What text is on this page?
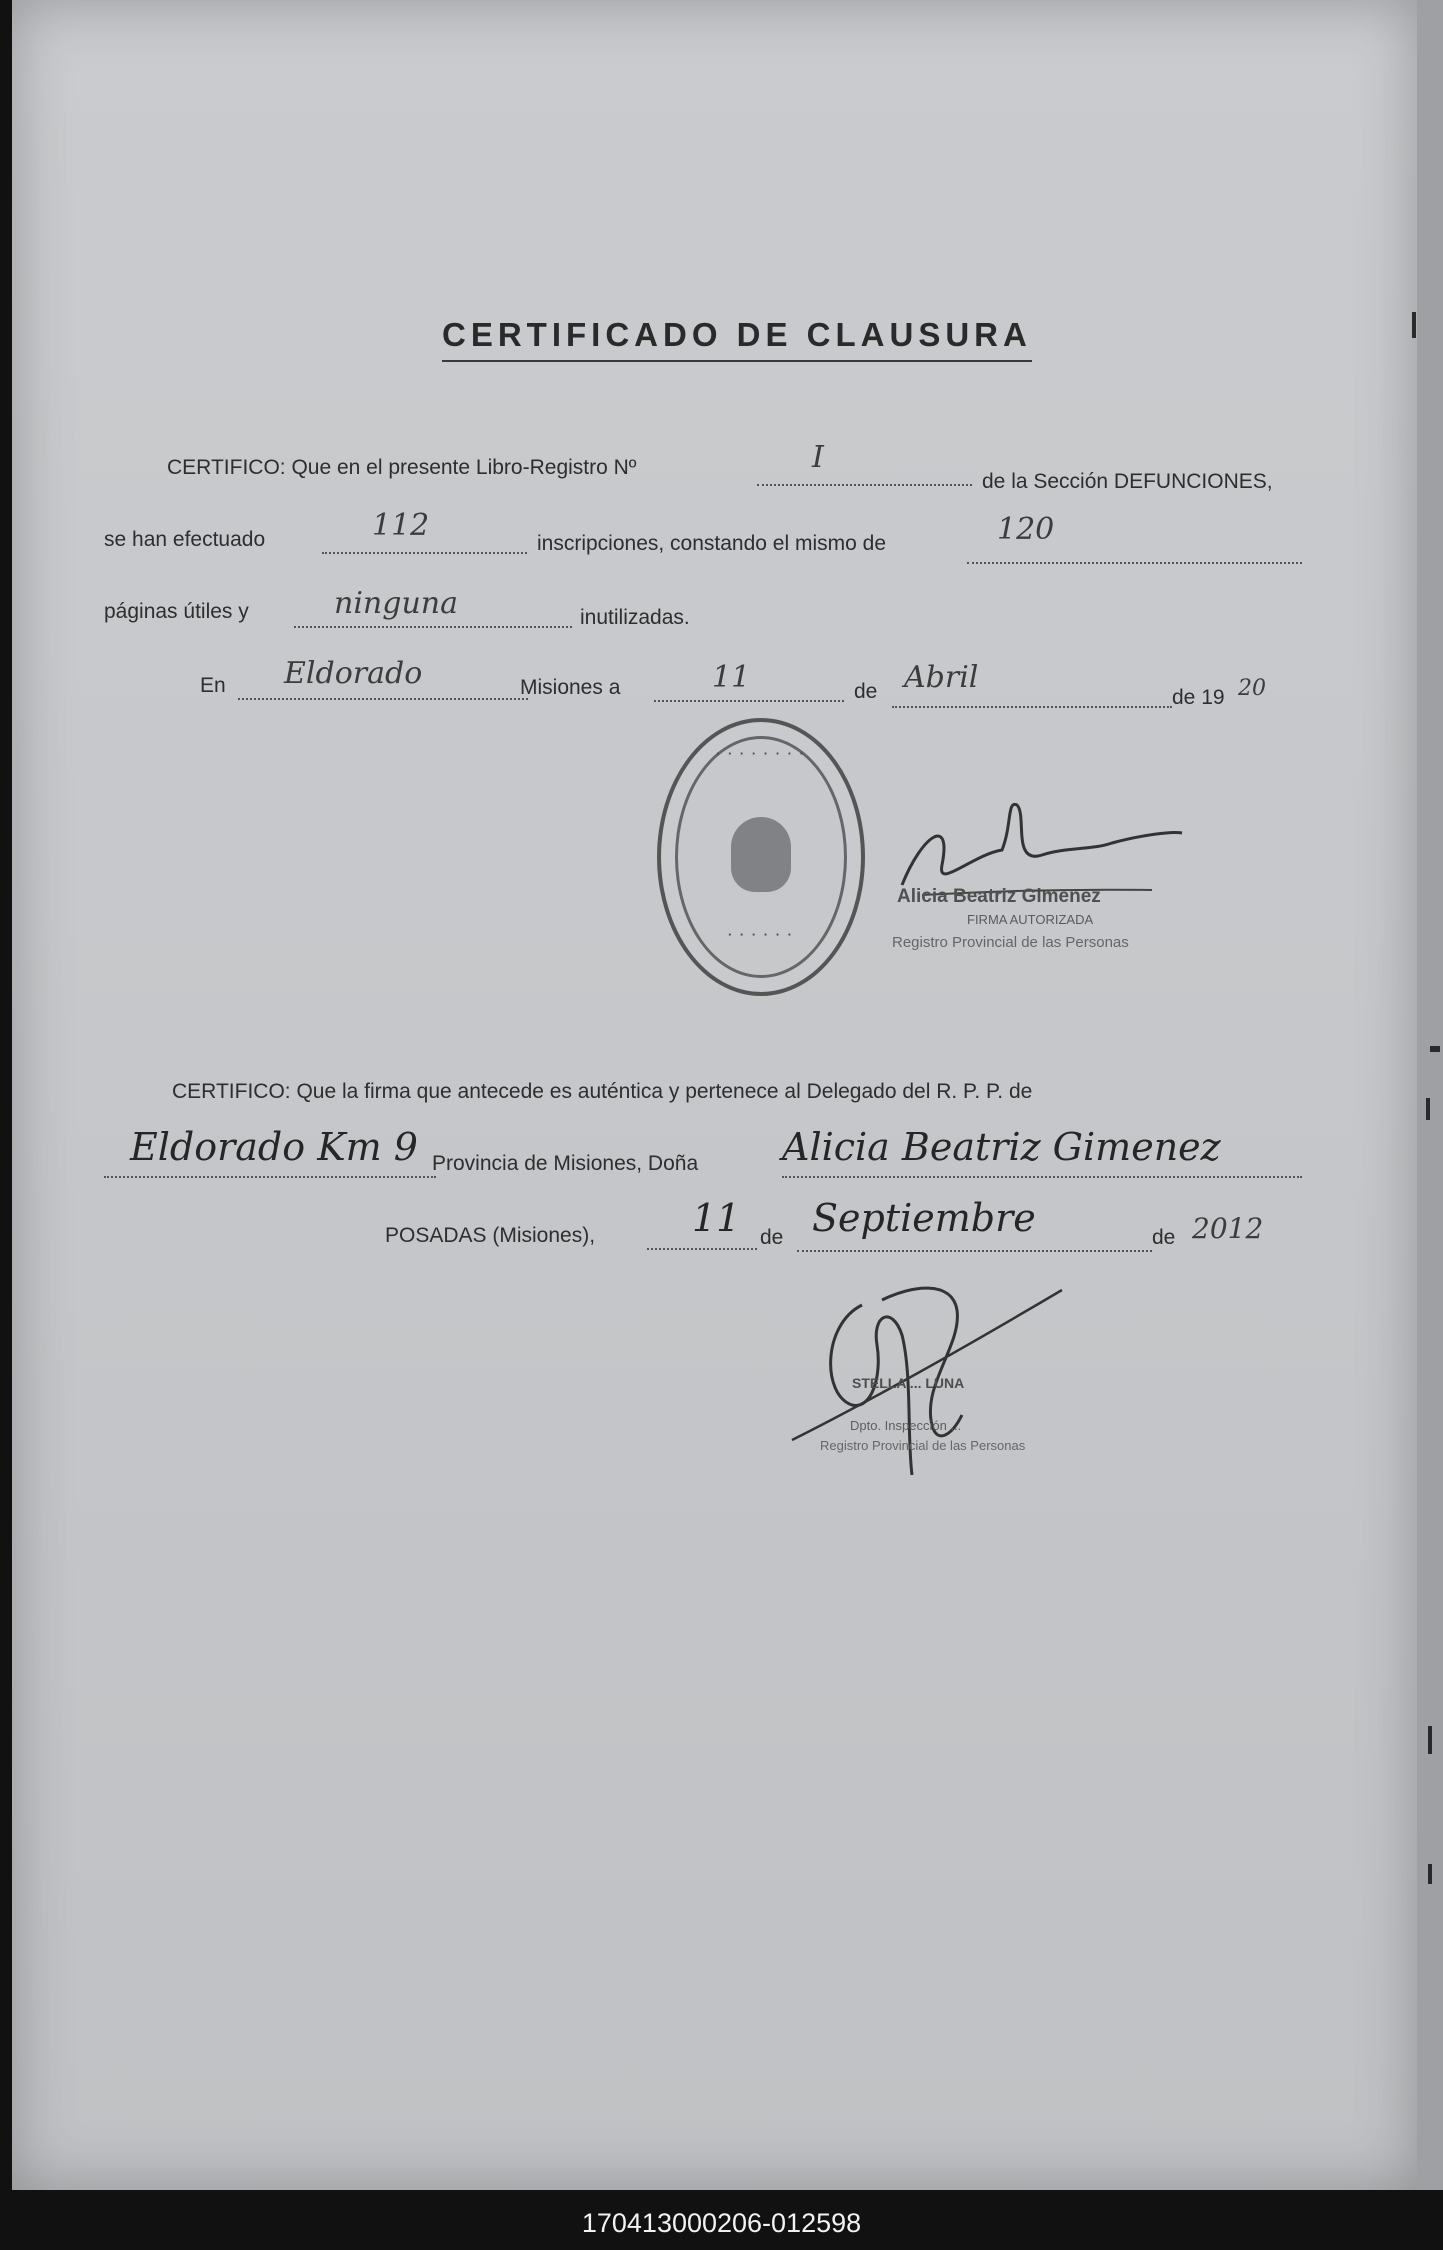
CERTIFICADO DE CLAUSURA
CERTIFICO: Que en el presente Libro-Registro Nº	I
de la Sección DEFUNCIONES,
se han efectuado	112
inscripciones, constando el mismo de	120
páginas útiles y	ninguna	inutilizadas.
En Eldorado	Misiones a	11	de Abril
de 19 20
· · · · · · · ·
· · · · · ·
Alicia Beatriz Gimenez
FIRMA AUTORIZADA
Registro Provincial de las Personas
CERTIFICO: Que la firma que antecede es auténtica y pertenece al Delegado del R. P. P. de
Eldorado Km 9 Provincia de Misiones, Doña Alicia Beatriz Gimenez
POSADAS (Misiones),	11 de Septiembre	de 2012
STELLA ... LUNA
Dpto. Inspección ...
Registro Provincial de las Personas
170413000206-012598
